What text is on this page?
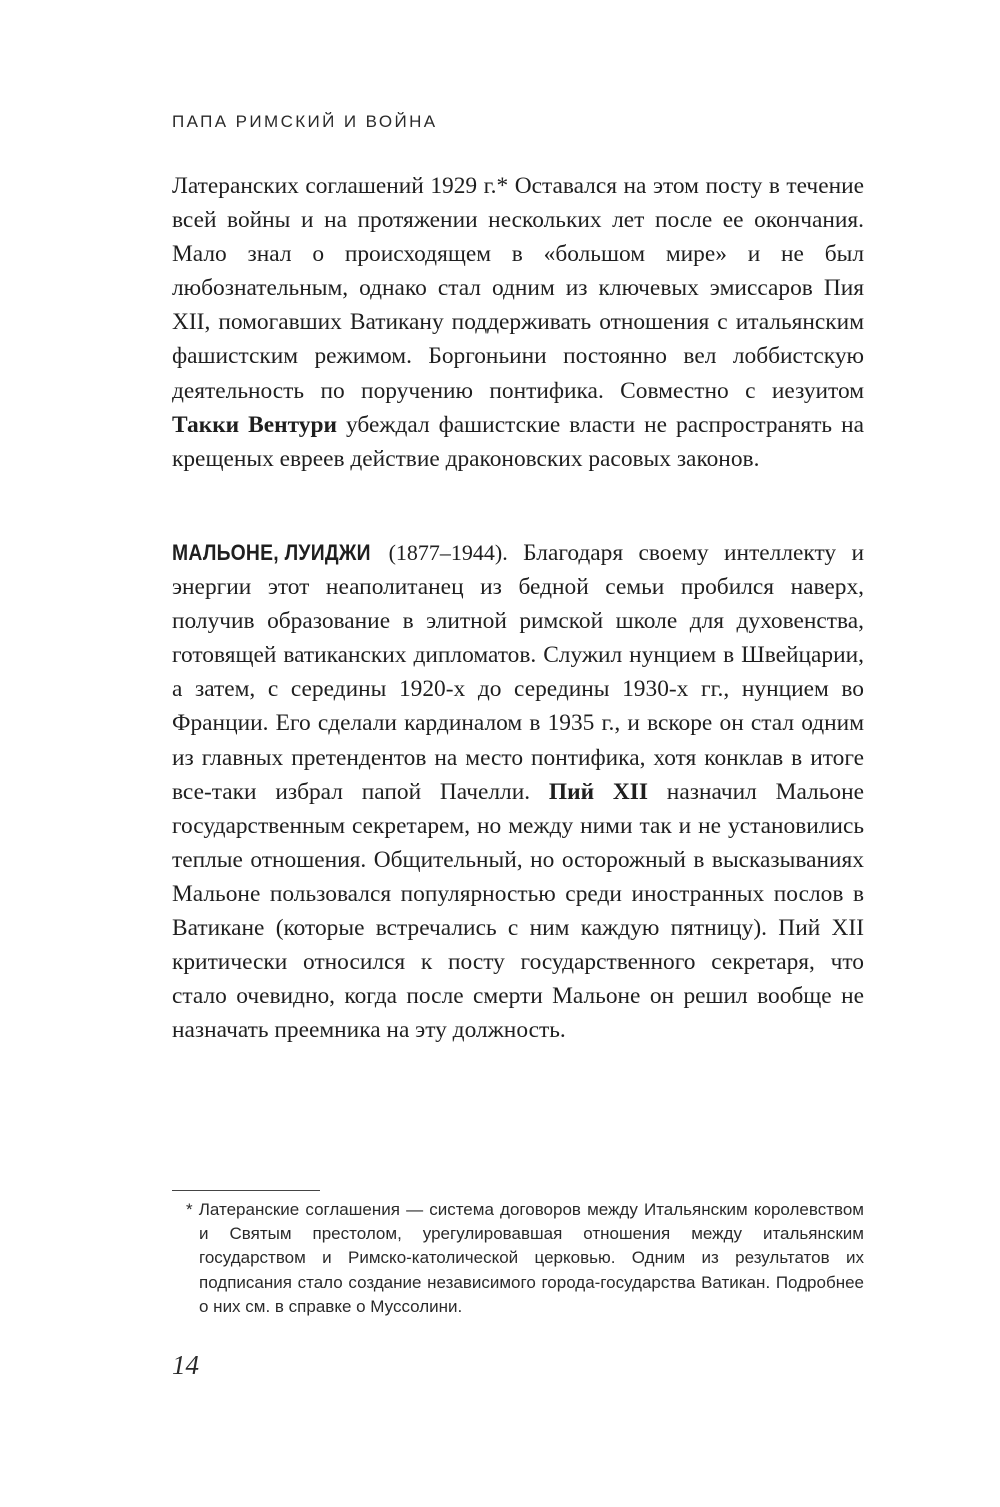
ПАПА РИМСКИЙ И ВОЙНА
Латеранских соглашений 1929 г.* Оставался на этом посту в течение всей войны и на протяжении нескольких лет после ее окончания. Мало знал о происходящем в «большом мире» и не был любознательным, однако стал одним из ключевых эмиссаров Пия XII, помогавших Ватикану поддерживать отношения с итальянским фашистским режимом. Боргоньини постоянно вел лоббистскую деятельность по поручению понтифика. Совместно с иезуитом Такки Вентури убеждал фашистские власти не распространять на крещеных евреев действие драконовских расовых законов.
МАЛЬОНЕ, ЛУИДЖИ (1877–1944). Благодаря своему интеллекту и энергии этот неаполитанец из бедной семьи пробился наверх, получив образование в элитной римской школе для духовенства, готовящей ватиканских дипломатов. Служил нунцием в Швейцарии, а затем, с середины 1920-х до середины 1930-х гг., нунцием во Франции. Его сделали кардиналом в 1935 г., и вскоре он стал одним из главных претендентов на место понтифика, хотя конклав в итоге все-таки избрал папой Пачелли. Пий XII назначил Мальоне государственным секретарем, но между ними так и не установились теплые отношения. Общительный, но осторожный в высказываниях Мальоне пользовался популярностью среди иностранных послов в Ватикане (которые встречались с ним каждую пятницу). Пий XII критически относился к посту государственного секретаря, что стало очевидно, когда после смерти Мальоне он решил вообще не назначать преемника на эту должность.
* Латеранские соглашения — система договоров между Итальянским королевством и Святым престолом, урегулировавшая отношения между итальянским государством и Римско-католической церковью. Одним из результатов их подписания стало создание независимого города-государства Ватикан. Подробнее о них см. в справке о Муссолини.
14
